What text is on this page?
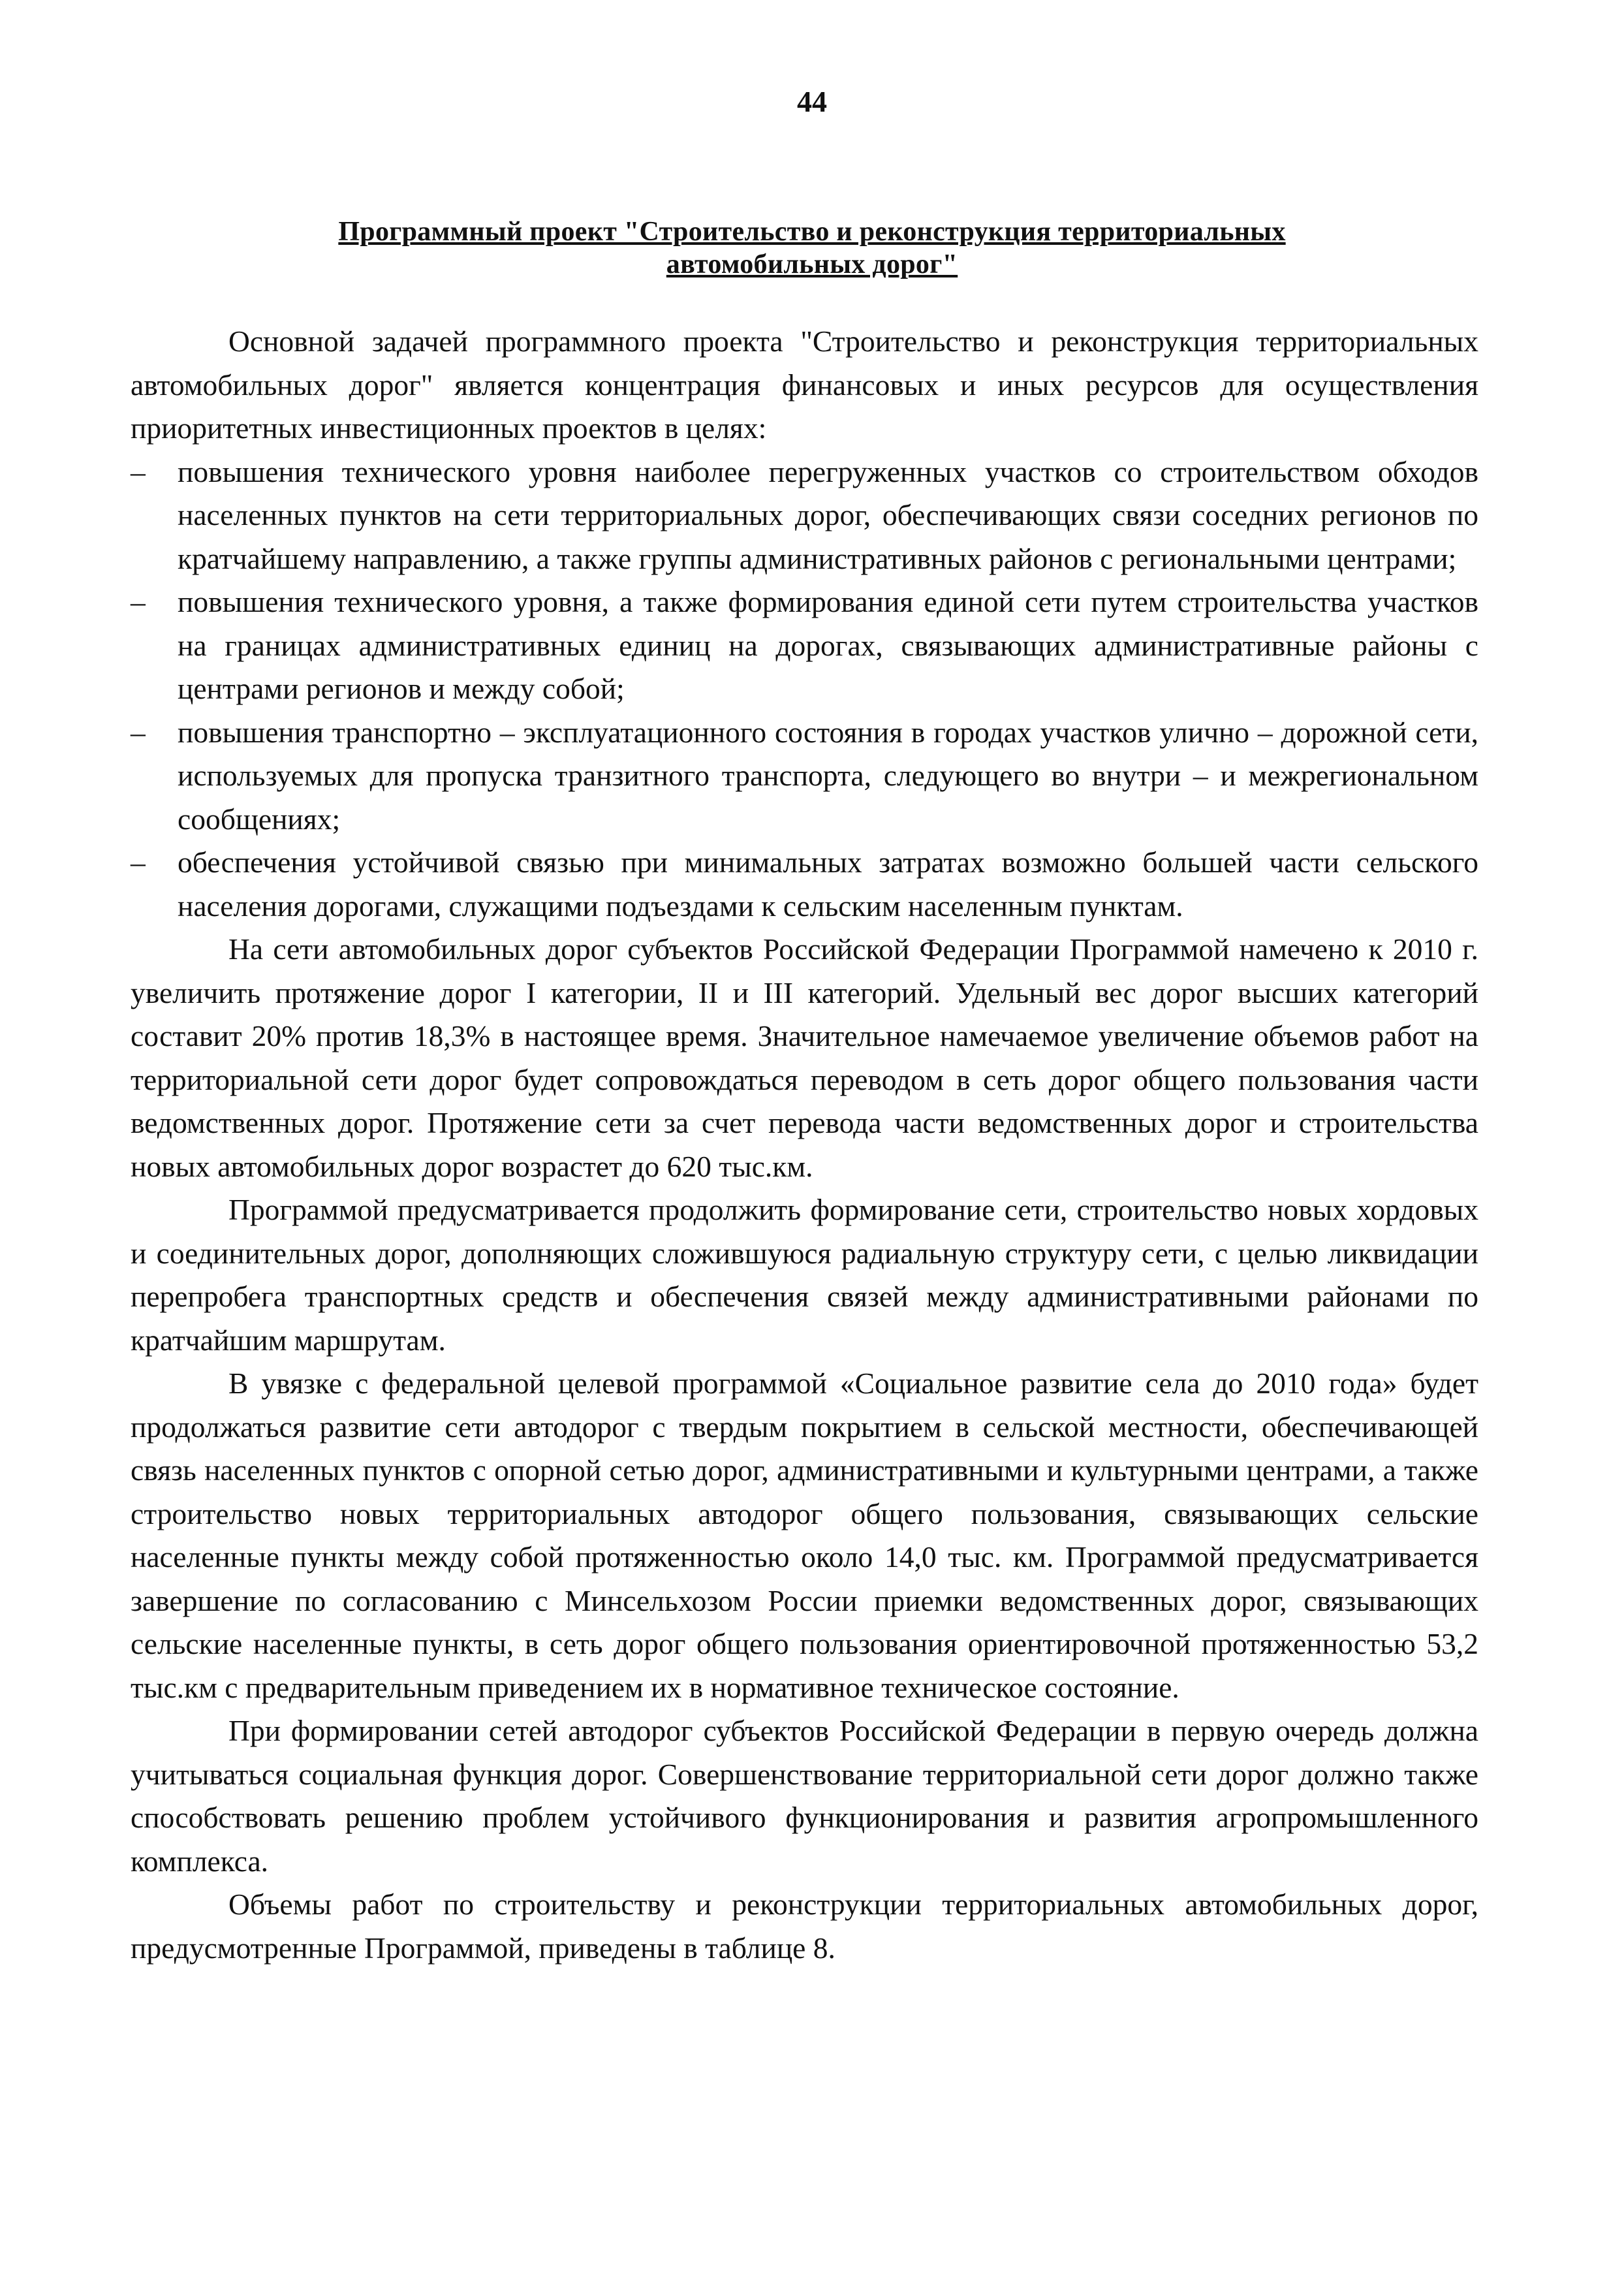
44
Программный проект "Строительство и реконструкция территориальных
автомобильных дорог"

Основной задачей программного проекта "Строительство и реконструкция территориальных автомобильных дорог" является концентрация финансовых и иных ресурсов для осуществления приоритетных инвестиционных проектов в целях:

–	повышения технического уровня наиболее перегруженных участков со строительством обходов населенных пунктов на сети территориальных дорог, обеспечивающих связи соседних регионов по кратчайшему направлению, а также группы административных районов с региональными центрами;
–	повышения технического уровня, а также формирования единой сети путем строительства участков на границах административных единиц на дорогах, связывающих административные районы с центрами регионов и между собой;
–	повышения транспортно – эксплуатационного состояния в городах участков улично – дорожной сети, используемых для пропуска транзитного транспорта, следующего во внутри – и межрегиональном сообщениях;
–	обеспечения устойчивой связью при минимальных затратах возможно большей части сельского населения дорогами, служащими подъездами к сельским населенным пунктам.

На сети автомобильных дорог субъектов Российской Федерации Программой намечено к 2010 г. увеличить протяжение дорог I категории, II и III категорий. Удельный вес дорог высших категорий составит 20% против 18,3% в настоящее время. Значительное намечаемое увеличение объемов работ на территориальной сети дорог будет сопровождаться переводом в сеть дорог общего пользования части ведомственных дорог. Протяжение сети за счет перевода части ведомственных дорог и строительства новых автомобильных дорог возрастет до 620 тыс.км.

Программой предусматривается продолжить формирование сети, строительство новых хордовых и соединительных дорог, дополняющих сложившуюся радиальную структуру сети, с целью ликвидации перепробега транспортных средств и обеспечения связей между административными районами по кратчайшим маршрутам.

В увязке с федеральной целевой программой «Социальное развитие села до 2010 года» будет продолжаться развитие сети автодорог с твердым покрытием в сельской местности, обеспечивающей связь населенных пунктов с опорной сетью дорог, административными и культурными центрами, а также строительство новых территориальных автодорог общего пользования, связывающих сельские населенные пункты между собой протяженностью около 14,0 тыс. км. Программой предусматривается завершение по согласованию с Минсельхозом России приемки ведомственных дорог, связывающих сельские населенные пункты, в сеть дорог общего пользования ориентировочной протяженностью 53,2 тыс.км с предварительным приведением их в нормативное техническое состояние.

При формировании сетей автодорог субъектов Российской Федерации в первую очередь должна учитываться социальная функция дорог. Совершенствование территориальной сети дорог должно также способствовать решению проблем устойчивого функционирования и развития агропромышленного комплекса.

Объемы работ по строительству и реконструкции территориальных автомобильных дорог, предусмотренные Программой, приведены в таблице 8.
